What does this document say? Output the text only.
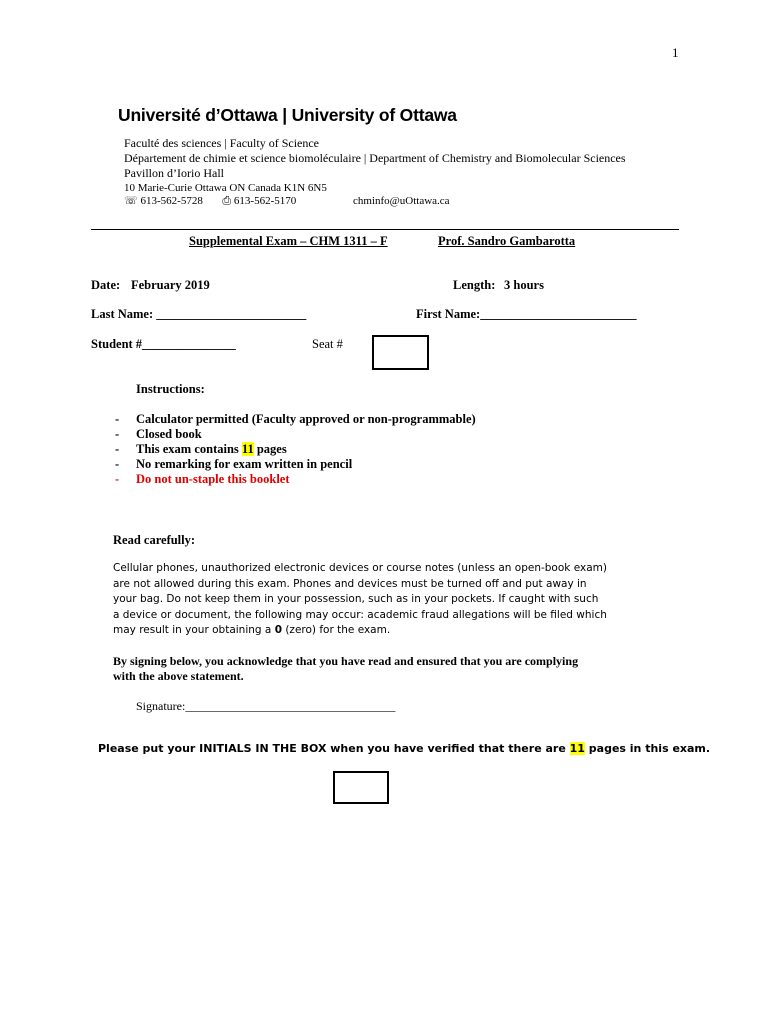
1
Université d’Ottawa | University of Ottawa
Faculté des sciences | Faculty of Science
Département de chimie et science biomoléculaire | Department of Chemistry and Biomolecular Sciences
Pavillon d’Iorio Hall
10 Marie-Curie Ottawa ON Canada K1N 6N5
☏ 613-562-5728 ⎙ 613-562-5170	chminfo@uOttawa.ca
Supplemental Exam – CHM 1311 – F	Prof. Sandro Gambarotta
Date: February 2019	Length: 3 hours
Last Name: ________________________	First Name:_________________________
Student #_______________	Seat #
Instructions:
- Calculator permitted (Faculty approved or non-programmable)
- Closed book
- This exam contains 11 pages
- No remarking for exam written in pencil
- Do not un-staple this booklet
Read carefully:
Cellular phones, unauthorized electronic devices or course notes (unless an open-book exam)
are not allowed during this exam. Phones and devices must be turned off and put away in
your bag. Do not keep them in your possession, such as in your pockets. If caught with such
a device or document, the following may occur: academic fraud allegations will be filed which
may result in your obtaining a 0 (zero) for the exam.
By signing below, you acknowledge that you have read and ensured that you are complying
with the above statement.
Signature:___________________________________
Please put your INITIALS IN THE BOX when you have verified that there are 11 pages in this exam.
